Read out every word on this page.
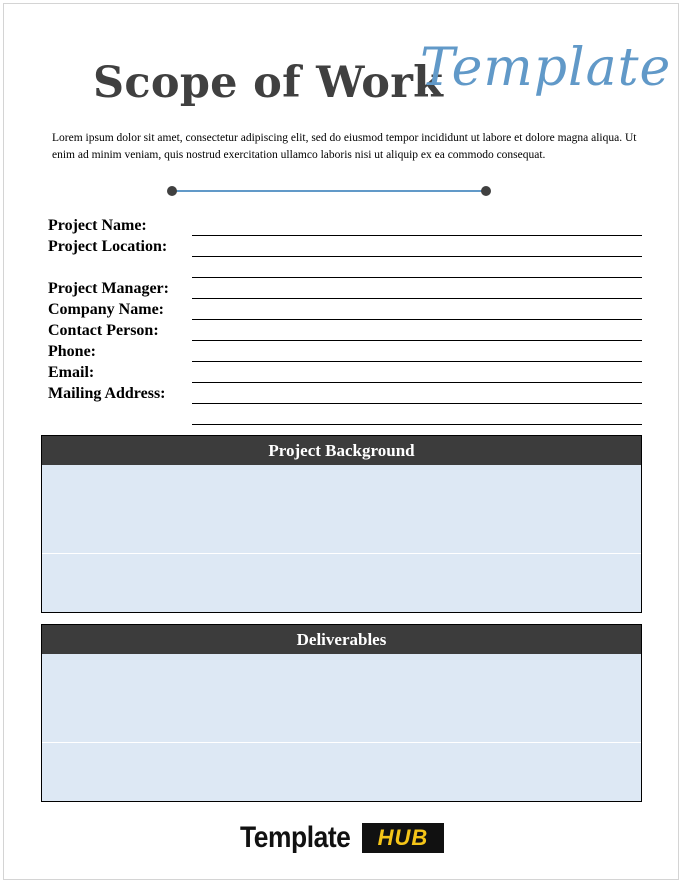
Scope of Work
Template

Lorem ipsum dolor sit amet, consectetur adipiscing elit, sed do eiusmod tempor incididunt ut labore et dolore magna aliqua. Ut enim ad minim veniam, quis nostrud exercitation ullamco laboris nisi ut aliquip ex ea commodo consequat.

Project Name:
Project Location:
Project Manager:
Company Name:
Contact Person:
Phone:
Email:
Mailing Address:
Project Background
Deliverables
Template	HUB
